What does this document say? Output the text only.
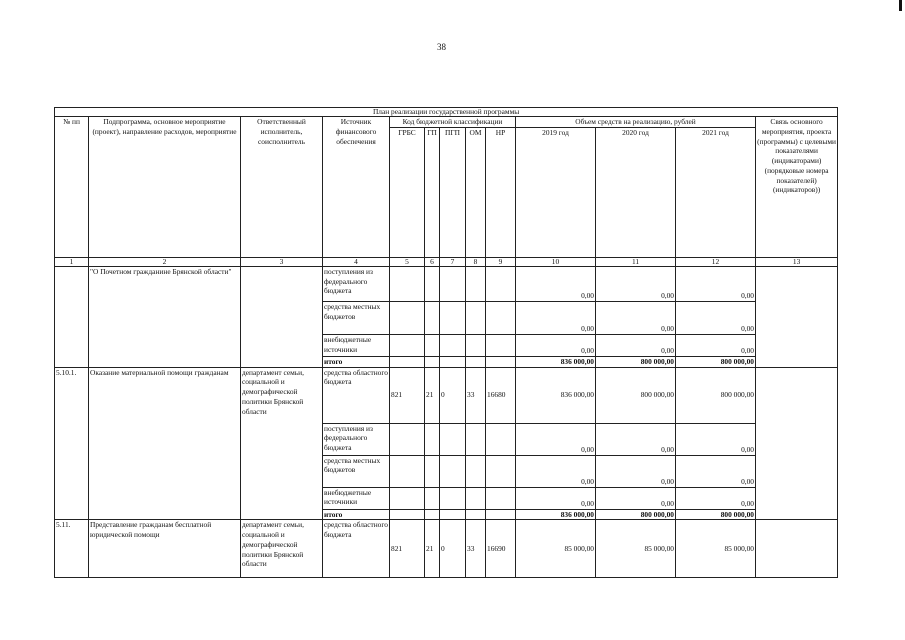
38
План реализации государственной программы												
№ пп	Подпрограмма, основное мероприятие (проект), направление расходов, мероприятие	Ответственный исполнитель, соисполнитель	Источник финансового обеспечения	Код бюджетной классификации					Объем средств на реализацию, рублей			Связь основного мероприятия, проекта (программы) с целевыми показателями (индикаторами) (порядковые номера показателей) (индикаторов))
				ГРБС	ГП	ПГП	ОМ	НР	2019 год	2020 год	2021 год	
1	2	3	4	5	6	7	8	9	10	11	12	13
	"О Почетном гражданине Брянской области"		поступления из федерального бюджета						0,00	0,00	0,00	
			средства местных бюджетов						0,00	0,00	0,00	
			внебюджетные источники						0,00	0,00	0,00	
			итого						836 000,00	800 000,00	800 000,00	
5.10.1.	Оказание материальной помощи гражданам	департамент семьи, социальной и демографической политики Брянской области	средства областного бюджета	821	21	0	33	16680	836 000,00	800 000,00	800 000,00	
			поступления из федерального бюджета						0,00	0,00	0,00	
			средства местных бюджетов						0,00	0,00	0,00	
			внебюджетные источники						0,00	0,00	0,00	
			итого						836 000,00	800 000,00	800 000,00	
5.11.	Представление гражданам бесплатной юридической помощи	департамент семьи, социальной и демографической политики Брянской области	средства областного бюджета	821	21	0	33	16690	85 000,00	85 000,00	85 000,00	
